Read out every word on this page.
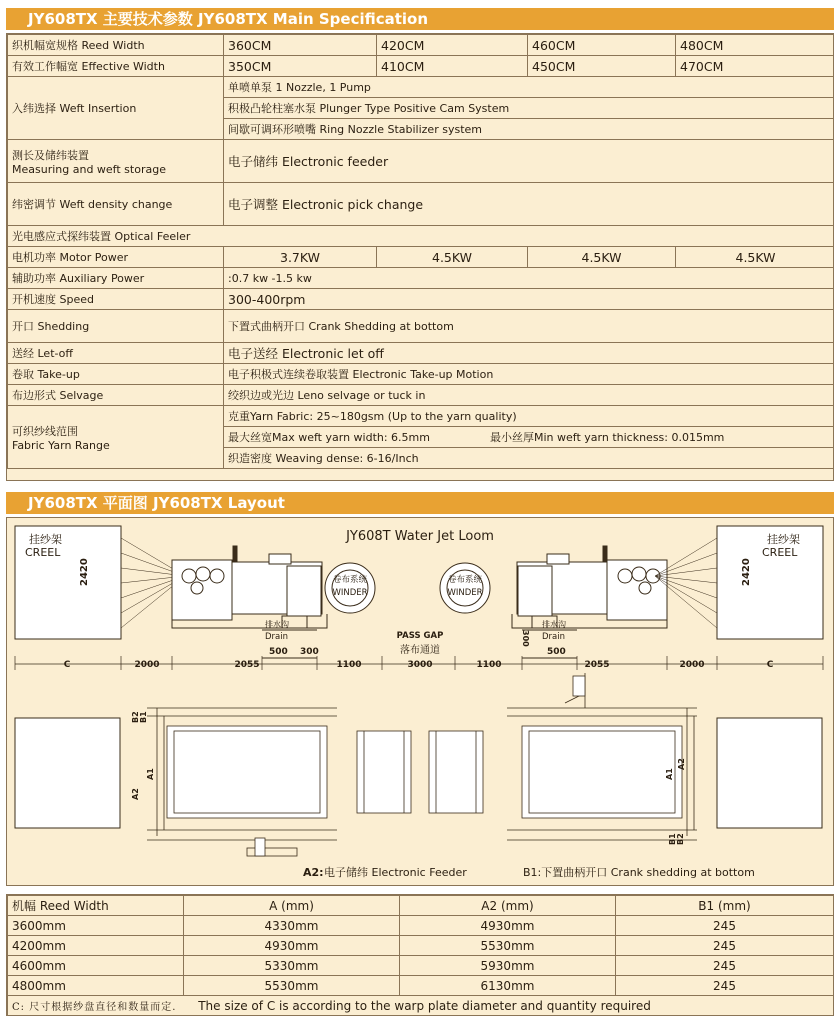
JY608TX 主要技术参数 JY608TX Main Specification
织机幅宽规格 Reed Width	360CM	420CM	460CM	480CM
有效工作幅宽 Effective Width	350CM	410CM	450CM	470CM
入纬选择 Weft Insertion	单喷单泵 1 Nozzle, 1 Pump			
	积极凸轮柱塞水泵 Plunger Type Positive Cam System			
	间歇可调环形喷嘴 Ring Nozzle Stabilizer system			

测长及储纬装置
Measuring and weft storage	电子储纬 Electronic feeder			
纬密调节 Weft density change	电子调整 Electronic pick change			
光电感应式探纬装置 Optical Feeler				
电机功率 Motor Power	3.7KW	4.5KW	4.5KW	4.5KW
辅助功率 Auxiliary Power	:0.7 kw -1.5 kw			
开机速度 Speed	300-400rpm			
开口 Shedding	下置式曲柄开口 Crank Shedding at bottom			
送经 Let-off	电子送经 Electronic let off			
卷取 Take-up	电子积极式连续卷取装置 Electronic Take-up Motion			
布边形式 Selvage	绞织边或光边 Leno selvage or tuck in			

可织纱线范围
Fabric Yarn Range	克重Yarn Fabric: 25~180gsm (Up to the yarn quality)			
	最大丝宽Max weft yarn width: 6.5mm 最小丝厚Min weft yarn thickness: 0.015mm			
	织造密度 Weaving dense: 6-16/Inch			
JY608TX 平面图 JY608TX Layout
JY608T Water Jet Loom
挂纱架
CREEL
2420	卷布系统
WINDER
卷布系统
WINDER
挂纱架
CREEL
2420
排水沟
Drain
500 300
PASS GAP
落布通道
排水沟
Drain
300
500
C	2000	2055	1100	3000	1100	2055	2000	C
B2 B1
A1
A2
A1
A2
B1 B2
A2: 电子储纬 Electronic Feeder	B1:下置曲柄开口 Crank shedding at bottom
机幅 Reed Width	A (mm)	A2 (mm)	B1 (mm)
3600mm	4330mm	4930mm	245
4200mm	4930mm	5530mm	245
4600mm	5330mm	5930mm	245
4800mm	5530mm	6130mm	245
C: 尺寸根据纱盘直径和数量而定. The size of C is according to the warp plate diameter and quantity required			
